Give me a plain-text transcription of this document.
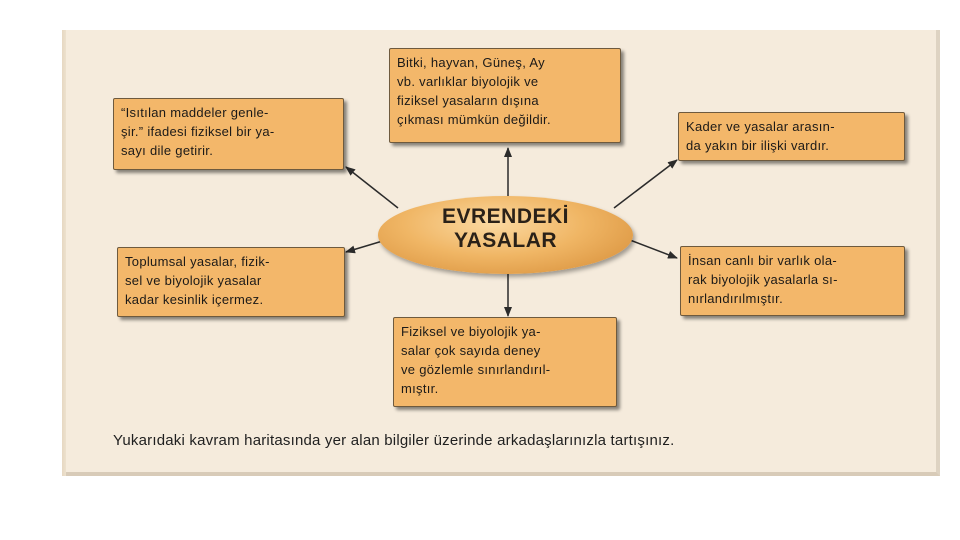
Bitki, hayvan, Güneş, Ay
vb. varlıklar biyolojik ve
fiziksel yasaların dışına
çıkması mümkün değildir.
“Isıtılan maddeler genle-
şir.” ifadesi fiziksel bir ya-
sayı dile getirir.
Kader ve yasalar arasın-
da yakın bir ilişki vardır.
EVRENDEKİ
YASALAR
Toplumsal yasalar, fizik-
sel ve biyolojik yasalar
kadar kesinlik içermez.
İnsan canlı bir varlık ola-
rak biyolojik yasalarla sı-
nırlandırılmıştır.
Fiziksel ve biyolojik ya-
salar çok sayıda deney
ve gözlemle sınırlandırıl-
mıştır.
Yukarıdaki kavram haritasında yer alan bilgiler üzerinde arkadaşlarınızla tartışınız.
